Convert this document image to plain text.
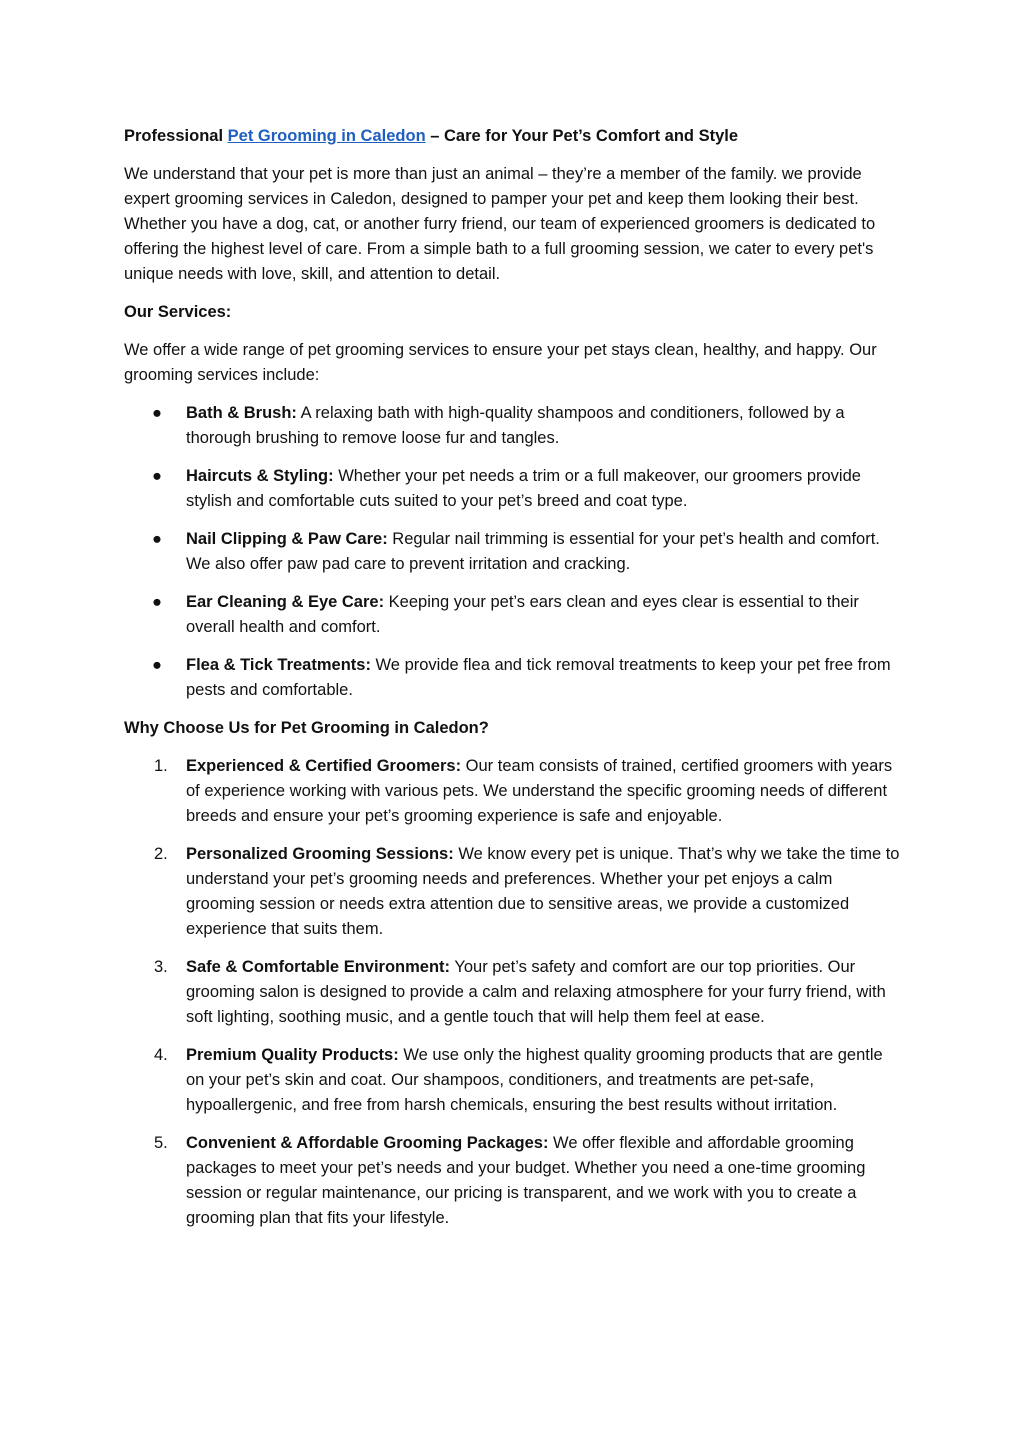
Professional Pet Grooming in Caledon – Care for Your Pet’s Comfort and Style

We understand that your pet is more than just an animal – they’re a member of the family. we provide expert grooming services in Caledon, designed to pamper your pet and keep them looking their best. Whether you have a dog, cat, or another furry friend, our team of experienced groomers is dedicated to offering the highest level of care. From a simple bath to a full grooming session, we cater to every pet's unique needs with love, skill, and attention to detail.

Our Services:

We offer a wide range of pet grooming services to ensure your pet stays clean, healthy, and happy. Our grooming services include:

● Bath & Brush: A relaxing bath with high-quality shampoos and conditioners, followed by a thorough brushing to remove loose fur and tangles.
● Haircuts & Styling: Whether your pet needs a trim or a full makeover, our groomers provide stylish and comfortable cuts suited to your pet’s breed and coat type.
● Nail Clipping & Paw Care: Regular nail trimming is essential for your pet’s health and comfort. We also offer paw pad care to prevent irritation and cracking.
● Ear Cleaning & Eye Care: Keeping your pet’s ears clean and eyes clear is essential to their overall health and comfort.
● Flea & Tick Treatments: We provide flea and tick removal treatments to keep your pet free from pests and comfortable.

Why Choose Us for Pet Grooming in Caledon?

1. Experienced & Certified Groomers: Our team consists of trained, certified groomers with years of experience working with various pets. We understand the specific grooming needs of different breeds and ensure your pet’s grooming experience is safe and enjoyable.
2. Personalized Grooming Sessions: We know every pet is unique. That’s why we take the time to understand your pet’s grooming needs and preferences. Whether your pet enjoys a calm grooming session or needs extra attention due to sensitive areas, we provide a customized experience that suits them.
3. Safe & Comfortable Environment: Your pet’s safety and comfort are our top priorities. Our grooming salon is designed to provide a calm and relaxing atmosphere for your furry friend, with soft lighting, soothing music, and a gentle touch that will help them feel at ease.
4. Premium Quality Products: We use only the highest quality grooming products that are gentle on your pet’s skin and coat. Our shampoos, conditioners, and treatments are pet-safe, hypoallergenic, and free from harsh chemicals, ensuring the best results without irritation.
5. Convenient & Affordable Grooming Packages: We offer flexible and affordable grooming packages to meet your pet’s needs and your budget. Whether you need a one-time grooming session or regular maintenance, our pricing is transparent, and we work with you to create a grooming plan that fits your lifestyle.
